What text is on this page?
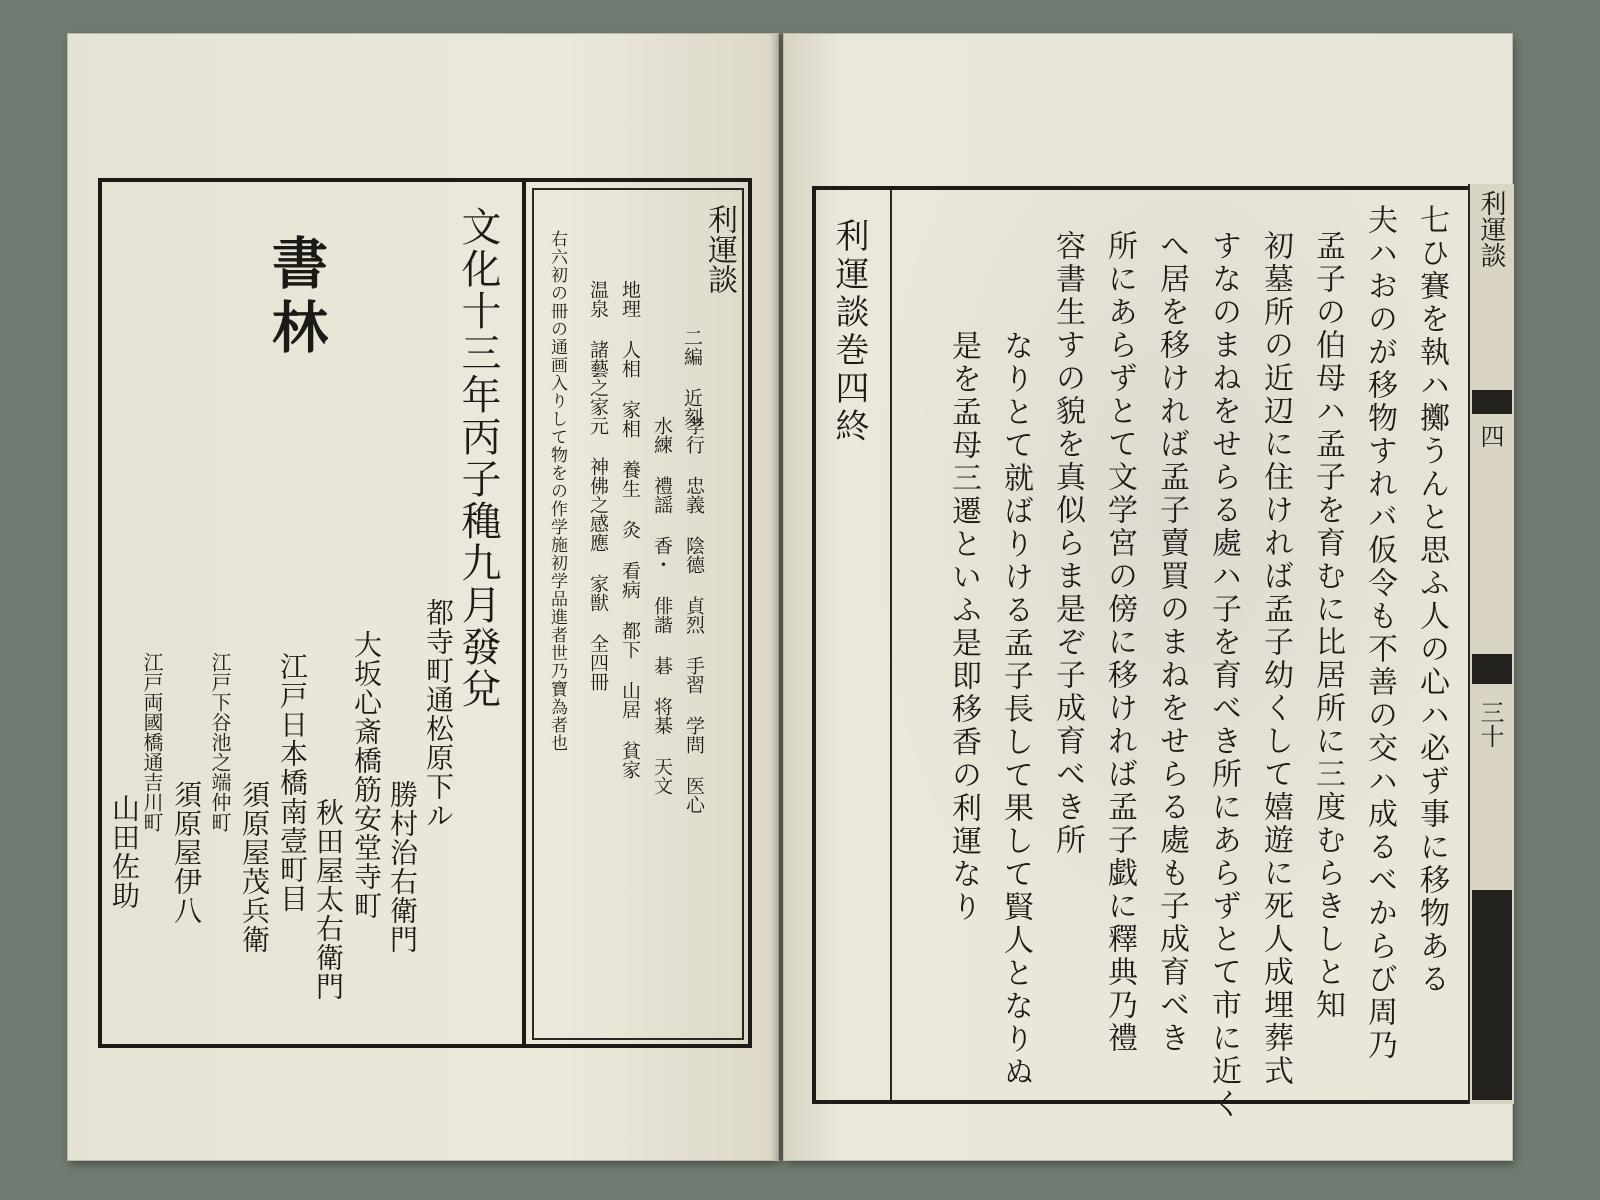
書林	文化十三年丙子穐九月發兌
都寺町通松原下ル
勝村治右衛門
大坂心斎橋筋安堂寺町
秋田屋太右衛門
江戸日本橋南壹町目
須原屋茂兵衛
江戸下谷池之端仲町
須原屋伊八
江戸両國橋通吉川町
山田佐助
利運談
二編 近刻
孝行 忠義 陰德 貞烈 手習 学問 医心
水練 禮謡 香・ 俳諧 碁 将棊 天文
地理 人相 家相 養生 灸 看病 都下 山居 貧家
温泉 諸藝之家元 神佛之感應 家獣 全四冊
右六初の冊の通画入りして物をの作学施初学品進者世乃寶為者也	利運談巻四終	七ひ賽を執ハ擲うんと思ふ人の心ハ必ず事に移物ある
夫ハおのが移物すれバ仮令も不善の交ハ成るべからび周乃
孟子の伯母ハ孟子を育むに比居所に三度むらきしと知
初墓所の近辺に住ければ孟子幼くして嬉遊に死人成埋葬式
すなのまねをせらる處ハ子を育べき所にあらずとて市に近く
へ居を移ければ孟子賣買のまねをせらる處も子成育べき
所にあらずとて文学宮の傍に移ければ孟子戯に釋典乃禮
容書生すの貌を真似らま是ぞ子成育べき所
なりとて就ばりける孟子長して果して賢人となりぬ
是を孟母三遷といふ是即移香の利運なり
利運談
四
三十
